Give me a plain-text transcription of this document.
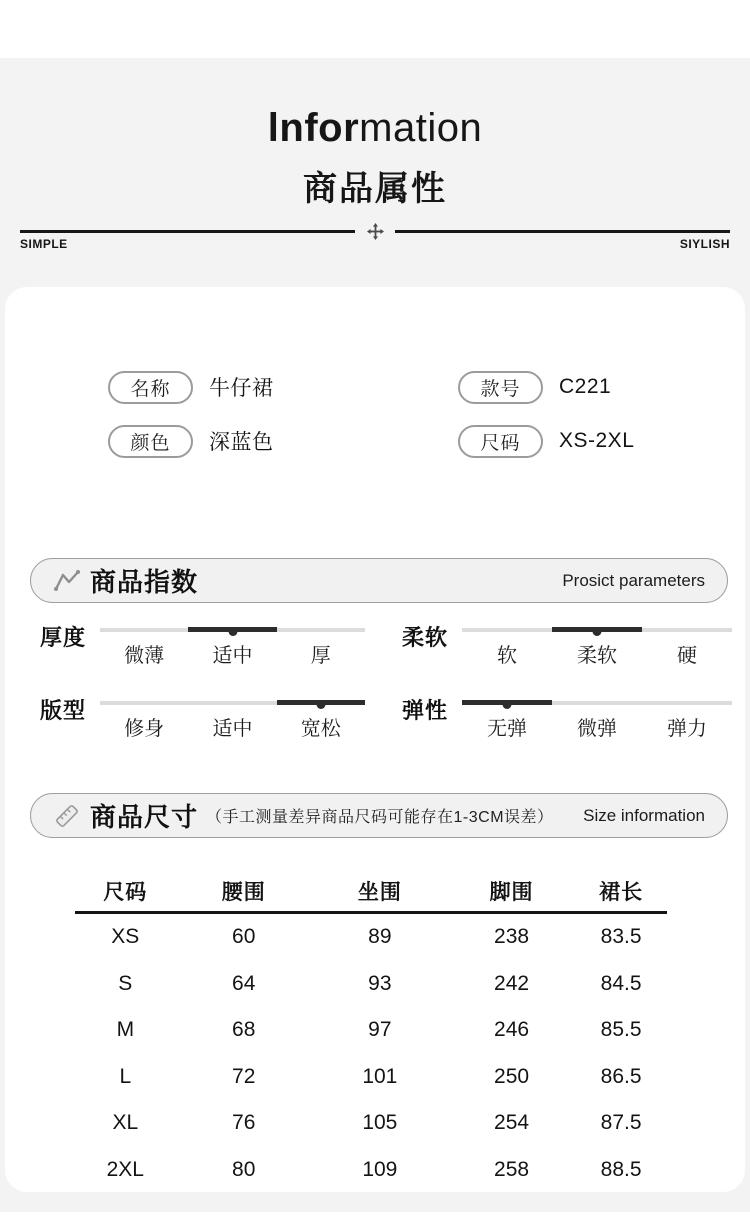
lnformation
商品属性
SIMPLE	SIYLISH
名称	牛仔裙	款号	C221
颜色	深蓝色	尺码	XS-2XL
商品指数	Prosict parameters
厚度
微薄	适中	厚
柔软
软	柔软	硬
版型
修身	适中	宽松
弹性
无弹	微弹	弹力
商品尺寸 （手工测量差异商品尺码可能存在1-3CM误差） Size information
尺码	腰围	坐围	脚围	裙长
XS	60	89	238	83.5
S	64	93	242	84.5
M	68	97	246	85.5
L	72	101	250	86.5
XL	76	105	254	87.5
2XL	80	109	258	88.5
